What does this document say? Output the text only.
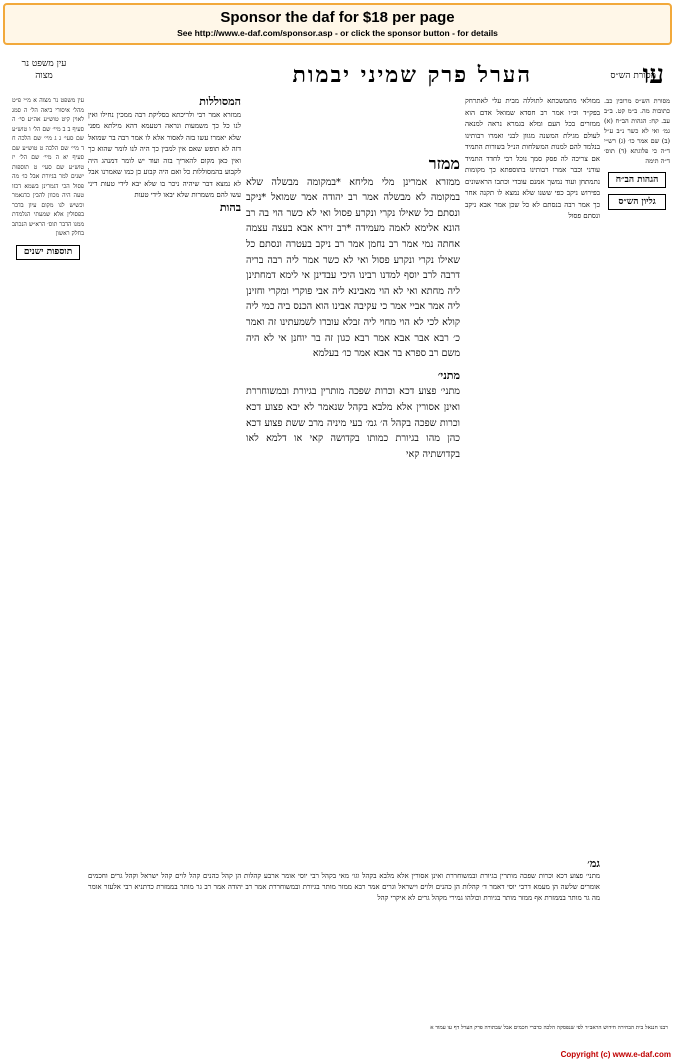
Sponsor the daf for $18 per page
See http://www.e-daf.com/sponsor.asp - or click the sponsor button - for details
עו
הערל פרק שמיני יבמות
עין משפט נר מצוה	מסורת הש״ס

ממזר

ממזרא אמרינן מלי מליחא *במקומה מבשלה שלא במקומה לא מבשלה אמר רב יהודה אמר שמואל *ניקב ונסתם כל שאילו נקרי ונקרע פסול ואי לא כשר הוי בה רב הונא אלימא לאמה מעמידה *רב זירא אבא בעצה עצמה אחתה נמי אמר רב נחמן אמר רב ניקב בעטרה ונסתם כל שאילו נקרי ונקרע פסול ואי לא כשר אמר ליה רבה בריה דרבה לרב יוסף למדנו רבינו היכי עבדינן אי לימא דמחתינן ליה מחתא ואי לא הוי מאבינא ליה אבי פוקרי ומקרי וחזינן ליה אמר אביי אמר כי עקיבה אבינו הוא הכנס ביה כמי ליה קולא לכי לא הוי מחוי ליה זבלא עוברו לשמעתינו זה ואמר כ׳ רבא אבר אבא אמר רבא כגון זה בר יוחנן אי לא היה משם רב ספרא בר אבא אמר כו׳ בעלמא

מתני׳

מתני׳ פצוע דכא וכרות שפכה מותרין בגיורת ובמשוחררת ואינן אסורין אלא מלבא בקהל שנאמר לא יבא פצוע דכא וכרות שפכה בקהל ה׳ גמ׳ בעי מיניה מרב ששת פצוע דכא כהן מהו בגיורת כמותו בקדושה קאי או דלמא לאו בקדושתיה קאי

ממולאי מתמשכתא לתוללה מבית עלי לאתרחק בפק״ד וכ״ו אמר רב חסדא שמואל אדם הוא ממזרים בכל העם ומלא בגמרא נראה למנאה לעולם מגילת המשנה מגוון לבני ואמרו רבותינו בנלמד להם למנות המשלחות הנ״ל בשורות התמיד אם צריכה לה פסק סמך נוכל רבי לחדד התמיד עודני וכבר אמרו רבותינו בתוספתא כך מקומות נתמתחן ועוד נמשך אמנם עובדי וכתבו הראשונים בפירוש ניקב כפי ששנו שלא נמצא לו תקנה אחר כך אמר רבה בנסתם לא כל שכן אמר אבא ניקב ונסתם פסול

המסוללות

ממזרא אמר רבי ולריכתא בסליקת רבה ממכין נחילו ואין לנו כל כך משמעות ונראה דטעמא דהא מילתא מפני שלא יאמרו עשו בזה לאסור אלא לו אמר רבה בר שמואל דזה לא תופש שאם אין למבין כך היה לנו לומר שהוא כך ואין כאן מקום להאריך בזה ועוד יש לומר דמנהג היה לקבוע בהמסוללות כל ואם היה קבוע כן כמו שאמרנו אבל לא נמצא דבר שיהיה ניכר בו שלא יבא לידי טעות דיני עשו להם משמרות שלא יבאו לידי טעות

בהות

מסורת הש״ס מרובין כב. כתובות מה. ב״מ קט. ב״ב עב. קח: הגהות הב״ח (א) גמ׳ ואי לא כשר נ״ב ע״ל (ב) שם אמר כו׳ (ג) רש״י ד״ה כי פלוגתא (ד) תוס׳ ד״ה תימה

הגהות הב״ח
גליון הש״ס

עין משפט נר מצוה א מ״י פ״ט מהל׳ איסורי ביאה הל׳ ה סמג לאוין קיט טוש״ע אה״ע סי׳ ה סעיף ב ב מיי׳ שם הל׳ ו טוש״ע שם סעי׳ ג ג מיי׳ שם הלכה ח ד מיי׳ שם הלכה ט טוש״ע שם סעיף יא ה מיי׳ שם הל׳ יז טוש״ע שם סעי׳ ט תוספות ישנים למר בגיורת אבל כו׳ מה פסול הכי דגמרינן בשמא דכזו טעה היה מכוון להבין כדנאמר וכשיש לנו מקום עיון בדבר בפסולין אלא שמעתי הנלמדת ממנו הדבר תוס׳ הרא״ש הנכתב בחלק ראשון

תוספות ישנים

גמ׳

מתני׳ פצוע דכא וכרות שפכה מותרין בגיורת ובמשוחררת ואינן אסורין אלא מלבא בקהל וגו׳ מאי בקהל רבי יוסי אומר ארבע קהלות הן קהל כהנים קהל לוים קהל ישראל וקהל גרים וחכמים אומרים שלשה הן מעמא דרבי יוסי דאמר ד׳ קהלות הן כהנים ולוים וישראל וגרים אמר רבא ממזר מותר בגיורת ובמשוחררת אמר רב יהודה אמר רב גר מותר בממזרת כדתניא רבי אלעזר אומר מה גר מותר בממזרת אף ממזר מותר בגיורת וכולהו גמירי מקהל גרים לא איקרי קהל

רבנו חננאל בית הבחירה חידוש הראב״ד לפי שנפסקה הלכה כדברי חכמים אבל שבתורה פרק הערל דף עו עמוד א

Copyright (c) www.e-daf.com
